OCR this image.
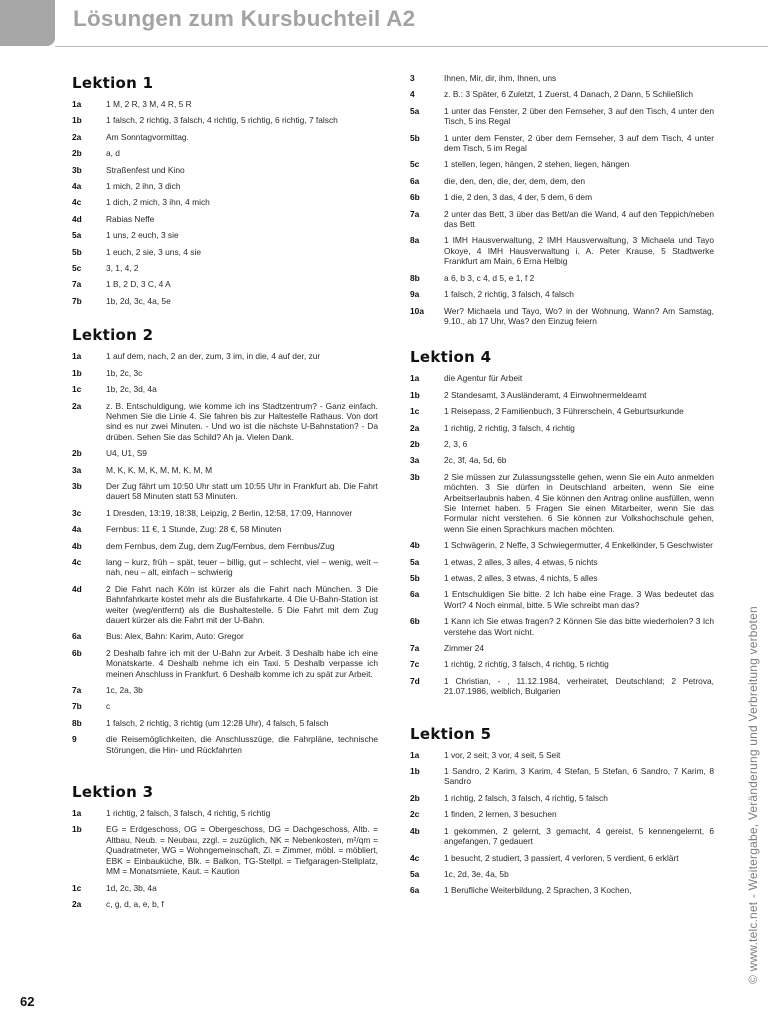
Lösungen zum Kursbuchteil A2
Lektion 1
1a	1 M, 2 R, 3 M, 4 R, 5 R
1b	1 falsch, 2 richtig, 3 falsch, 4 richtig, 5 richtig, 6 richtig, 7 falsch
2a	Am Sonntagvormittag.
2b	a, d
3b	Straßenfest und Kino
4a	1 mich, 2 ihn, 3 dich
4c	1 dich, 2 mich, 3 ihn, 4 mich
4d	Rabias Neffe
5a	1 uns, 2 euch, 3 sie
5b	1 euch, 2 sie, 3 uns, 4 sie
5c	3, 1, 4, 2
7a	1 B, 2 D, 3 C, 4 A
7b	1b, 2d, 3c, 4a, 5e
Lektion 2
1a	1 auf dem, nach, 2 an der, zum, 3 im, in die, 4 auf der, zur
1b	1b, 2c, 3c
1c	1b, 2c, 3d, 4a
2a	z. B. Entschuldigung, wie komme ich ins Stadtzentrum? - Ganz einfach. Nehmen Sie die Linie 4. Sie fahren bis zur Haltestelle Rathaus. Von dort sind es nur zwei Minuten. - Und wo ist die nächste U-Bahnstation? - Da drüben. Sehen Sie das Schild? Ah ja. Vielen Dank.
2b	U4, U1, S9
3a	M, K, K, M, K, M, M, K, M, M
3b	Der Zug fährt um 10:50 Uhr statt um 10:55 Uhr in Frankfurt ab. Die Fahrt dauert 58 Minuten statt 53 Minuten.
3c	1 Dresden, 13:19, 18:38, Leipzig, 2 Berlin, 12:58, 17:09, Hannover
4a	Fernbus: 11 €, 1 Stunde, Zug: 28 €, 58 Minuten
4b	dem Fernbus, dem Zug, dem Zug/Fernbus, dem Fernbus/Zug
4c	lang – kurz, früh – spät, teuer – billig, gut – schlecht, viel – wenig, weit – nah, neu – alt, einfach – schwierig
4d	2 Die Fahrt nach Köln ist kürzer als die Fahrt nach München. 3 Die Bahnfahrkarte kostet mehr als die Busfahrkarte. 4 Die U-Bahn-Station ist weiter (weg/entfernt) als die Bushaltestelle. 5 Die Fahrt mit dem Zug dauert kürzer als die Fahrt mit der U-Bahn.
6a	Bus: Alex, Bahn: Karim, Auto: Gregor
6b	2 Deshalb fahre ich mit der U-Bahn zur Arbeit. 3 Deshalb habe ich eine Monatskarte. 4 Deshalb nehme ich ein Taxi. 5 Deshalb verpasse ich meinen Anschluss in Frankfurt. 6 Deshalb komme ich zu spät zur Arbeit.
7a	1c, 2a, 3b
7b	c
8b	1 falsch, 2 richtig, 3 richtig (um 12:28 Uhr), 4 falsch, 5 falsch
9	die Reisemöglichkeiten, die Anschlusszüge, die Fahrpläne, technische Störungen, die Hin- und Rückfahrten
Lektion 3
1a	1 richtig, 2 falsch, 3 falsch, 4 richtig, 5 richtig
1b	EG = Erdgeschoss, OG = Obergeschoss, DG = Dachgeschoss, Altb. = Altbau, Neub. = Neubau, zzgl. = zuzüglich, NK = Nebenkosten, m²/qm = Quadratmeter, WG = Wohngemeinschaft, Zi. = Zimmer, möbl. = möbliert, EBK = Einbauküche, Blk. = Balkon, TG-Stellpl. = Tiefgaragen-Stellplatz, MM = Monatsmiete, Kaut. = Kaution
1c	1d, 2c, 3b, 4a
2a	c, g, d, a, e, b, f
3	Ihnen, Mir, dir, ihm, Ihnen, uns
4	z. B.: 3 Später, 6 Zuletzt, 1 Zuerst, 4 Danach, 2 Dann, 5 Schließlich
5a	1 unter das Fenster, 2 über den Fernseher, 3 auf den Tisch, 4 unter den Tisch, 5 ins Regal
5b	1 unter dem Fenster, 2 über dem Fernseher, 3 auf dem Tisch, 4 unter dem Tisch, 5 im Regal
5c	1 stellen, legen, hängen, 2 stehen, liegen, hängen
6a	die, den, den, die, der, dem, dem, den
6b	1 die, 2 den, 3 das, 4 der, 5 dem, 6 dem
7a	2 unter das Bett, 3 über das Bett/an die Wand, 4 auf den Teppich/neben das Bett
8a	1 IMH Hausverwaltung, 2 IMH Hausverwaltung, 3 Michaela und Tayo Okoye, 4 IMH Hausverwaltung i. A. Peter Krause, 5 Stadtwerke Frankfurt am Main, 6 Erna Helbig
8b	a 6, b 3, c 4, d 5, e 1, f 2
9a	1 falsch, 2 richtig, 3 falsch, 4 falsch
10a	Wer? Michaela und Tayo, Wo? in der Wohnung, Wann? Am Samstag, 9.10., ab 17 Uhr, Was? den Einzug feiern
Lektion 4
1a	die Agentur für Arbeit
1b	2 Standesamt, 3 Ausländeramt, 4 Einwohnermeldeamt
1c	1 Reisepass, 2 Familienbuch, 3 Führerschein, 4 Geburtsurkunde
2a	1 richtig, 2 richtig, 3 falsch, 4 richtig
2b	2, 3, 6
3a	2c, 3f, 4a, 5d, 6b
3b	2 Sie müssen zur Zulassungsstelle gehen, wenn Sie ein Auto anmelden möchten. 3 Sie dürfen in Deutschland arbeiten, wenn Sie eine Arbeitserlaubnis haben. 4 Sie können den Antrag online ausfüllen, wenn Sie Internet haben. 5 Fragen Sie einen Mitarbeiter, wenn Sie das Formular nicht verstehen. 6 Sie können zur Volkshochschule gehen, wenn Sie einen Sprachkurs machen möchten.
4b	1 Schwägerin, 2 Neffe, 3 Schwiegermutter, 4 Enkelkinder, 5 Geschwister
5a	1 etwas, 2 alles, 3 alles, 4 etwas, 5 nichts
5b	1 etwas, 2 alles, 3 etwas, 4 nichts, 5 alles
6a	1 Entschuldigen Sie bitte. 2 Ich habe eine Frage. 3 Was bedeutet das Wort? 4 Noch einmal, bitte. 5 Wie schreibt man das?
6b	1 Kann ich Sie etwas fragen? 2 Können Sie das bitte wiederholen? 3 Ich verstehe das Wort nicht.
7a	Zimmer 24
7c	1 richtig, 2 richtig, 3 falsch, 4 richtig, 5 richtig
7d	1 Christian, - , 11.12.1984, verheiratet, Deutschland; 2 Petrova, 21.07.1986, weiblich, Bulgarien
Lektion 5
1a	1 vor, 2 seit, 3 vor, 4 seit, 5 Seit
1b	1 Sandro, 2 Karim, 3 Karim, 4 Stefan, 5 Stefan, 6 Sandro, 7 Karim, 8 Sandro
2b	1 richtig, 2 falsch, 3 falsch, 4 richtig, 5 falsch
2c	1 finden, 2 lernen, 3 besuchen
4b	1 gekommen, 2 gelernt, 3 gemacht, 4 gereist, 5 kennengelernt, 6 angefangen, 7 gedauert
4c	1 besucht, 2 studiert, 3 passiert, 4 verloren, 5 verdient, 6 erklärt
5a	1c, 2d, 3e, 4a, 5b
6a	1 Berufliche Weiterbildung, 2 Sprachen, 3 Kochen,
62
© www.telc.net - Weitergabe, Veränderung und Verbreitung verboten
